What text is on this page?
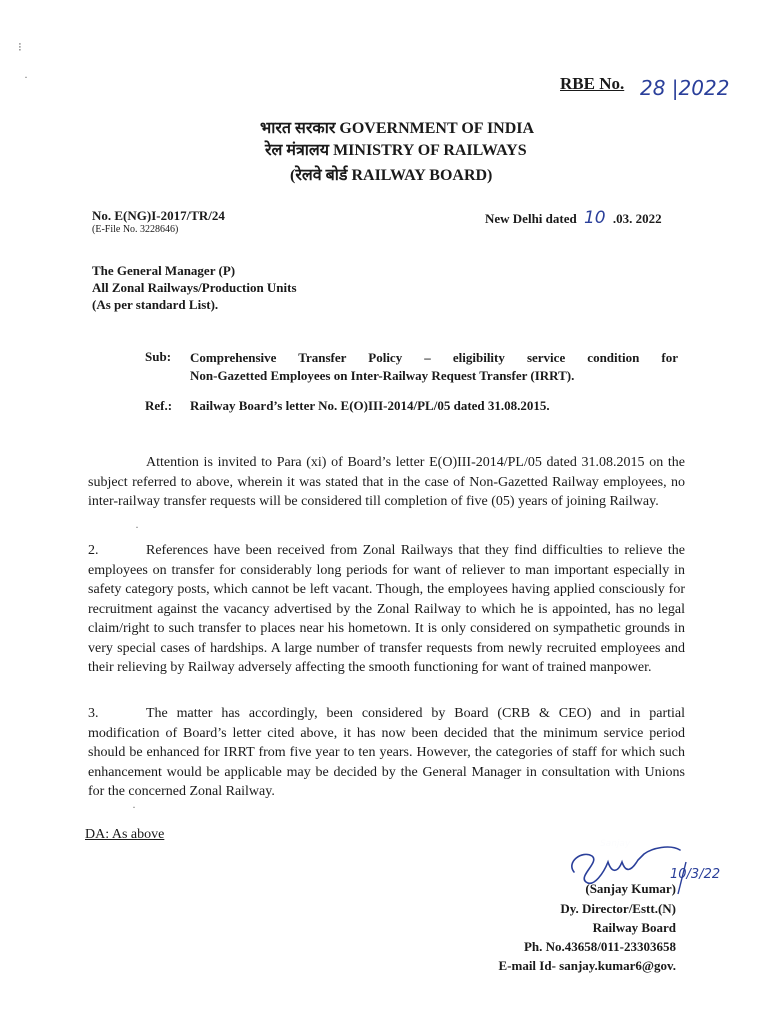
⁝
·	RBE No. 28 |2022
भारत सरकार GOVERNMENT OF INDIA
रेल मंत्रालय MINISTRY OF RAILWAYS
(रेलवे बोर्ड RAILWAY BOARD)
No. E(NG)I-2017/TR/24
(E-File No. 3228646)
New Delhi dated 10 .03. 2022
The General Manager (P)
All Zonal Railways/Production Units
(As per standard List).
Sub: Comprehensive Transfer Policy – eligibility service condition for
Non-Gazetted Employees on Inter-Railway Request Transfer (IRRT).
Ref.: Railway Board’s letter No. E(O)III-2014/PL/05 dated 31.08.2015.
Attention is invited to Para (xi) of Board’s letter E(O)III-2014/PL/05 dated 31.08.2015 on the subject referred to above, wherein it was stated that in the case of Non-Gazetted Railway employees, no inter-railway transfer requests will be considered till completion of five (05) years of joining Railway.
·
2.	References have been received from Zonal Railways that they find difficulties to relieve the employees on transfer for considerably long periods for want of reliever to man important especially in safety category posts, which cannot be left vacant. Though, the employees having applied consciously for recruitment against the vacancy advertised by the Zonal Railway to which he is appointed, has no legal claim/right to such transfer to places near his hometown. It is only considered on sympathetic grounds in very special cases of hardships. A large number of transfer requests from newly recruited employees and their relieving by Railway adversely affecting the smooth functioning for want of trained manpower.
3.	The matter has accordingly, been considered by Board (CRB & CEO) and in partial modification of Board’s letter cited above, it has now been decided that the minimum service period should be enhanced for IRRT from five year to ten years. However, the categories of staff for which such enhancement would be applicable may be decided by the General Manager in consultation with Unions for the concerned Zonal Railway.
·
DA: As above
10/3/22
(Sanjay Kumar)
Dy. Director/Estt.(N)
Railway Board
Ph. No.43658/011-23303658
E-mail Id- sanjay.kumar6@gov.
